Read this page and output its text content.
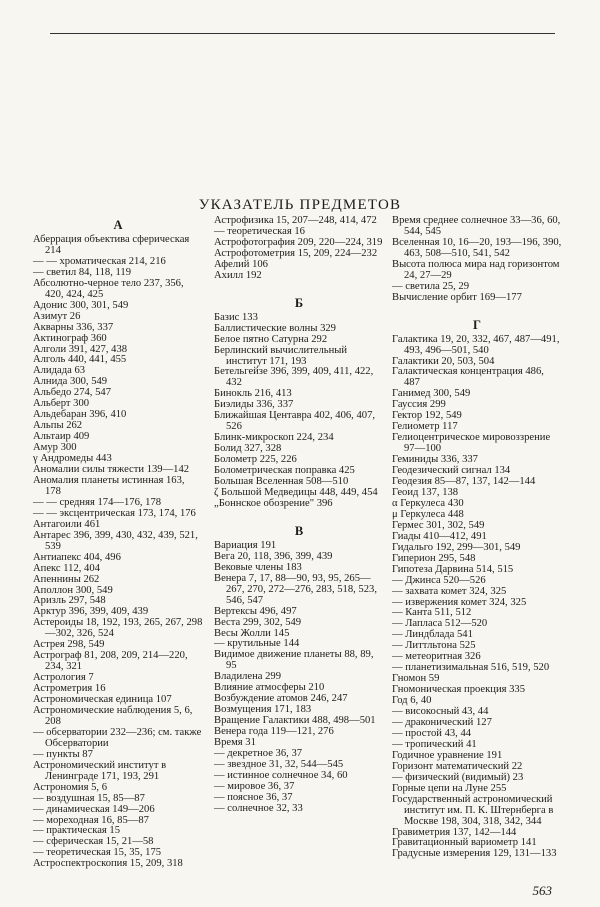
УКАЗАТЕЛЬ ПРЕДМЕТОВ
А
Аберрация объектива сферическая 214
— — хроматическая 214, 216
— светил 84, 118, 119
Абсолютно-черное тело 237, 356, 420, 424, 425
Адонис 300, 301, 549
Азимут 26
Акварны 336, 337
Актинограф 360
Алголи 391, 427, 438
Алголь 440, 441, 455
Алидада 63
Алнида 300, 549
Альбедо 274, 547
Альберт 300
Альдебаран 396, 410
Альпы 262
Альтаир 409
Амур 300
γ Андромеды 443
Аномалии силы тяжести 139—142
Аномалия планеты истинная 163, 178
— — средняя 174—176, 178
— — эксцентрическая 173, 174, 176
Антагоили 461
Антарес 396, 399, 430, 432, 439, 521, 539
Антиапекс 404, 496
Апекс 112, 404
Апеннины 262
Аполлон 300, 549
Аризль 297, 548
Арктур 396, 399, 409, 439
Астероиды 18, 192, 193, 265, 267, 298—302, 326, 524
Астрея 298, 549
Астрограф 81, 208, 209, 214—220, 234, 321
Астрология 7
Астрометрия 16
Астрономическая единица 107
Астрономические наблюдения 5, 6, 208
— обсерватории 232—236; см. также Обсерватории
— пункты 87
Астрономический институт в Ленинграде 171, 193, 291
Астрономия 5, 6
— воздушная 15, 85—87
— динамическая 149—206
— мореходная 16, 85—87
— практическая 15
— сферическая 15, 21—58
— теоретическая 15, 35, 175
Астроспектроскопия 15, 209, 318
Астрофизика 15, 207—248, 414, 472
— теоретическая 16
Астрофотография 209, 220—224, 319
Астрофотометрия 15, 209, 224—232
Афелий 106
Ахилл 192
Б
Базис 133
Баллистические волны 329
Белое пятно Сатурна 292
Берлинский вычислительный институт 171, 193
Бетельгейзе 396, 399, 409, 411, 422, 432
Бинокль 216, 413
Биэлиды 336, 337
Ближайшая Центавра 402, 406, 407, 526
Блинк-микроскоп 224, 234
Болид 327, 328
Болометр 225, 226
Болометрическая поправка 425
Большая Вселенная 508—510
ζ Большой Медведицы 448, 449, 454
„Боннское обозрение" 396
В
Вариация 191
Вега 20, 118, 396, 399, 439
Вековые члены 183
Венера 7, 17, 88—90, 93, 95, 265—267, 270, 272—276, 283, 518, 523, 546, 547
Вертексы 496, 497
Веста 299, 302, 549
Весы Жолли 145
— крутильные 144
Видимое движение планеты 88, 89, 95
Владилена 299
Влияние атмосферы 210
Возбуждение атомов 246, 247
Возмущения 171, 183
Вращение Галактики 488, 498—501
Венера года 119—121, 276
Время 31
— декретное 36, 37
— звездное 31, 32, 544—545
— истинное солнечное 34, 60
— мировое 36, 37
— поясное 36, 37
— солнечное 32, 33
Время среднее солнечное 33—36, 60, 544, 545
Вселенная 10, 16—20, 193—196, 390, 463, 508—510, 541, 542
Высота полюса мира над горизонтом 24, 27—29
— светила 25, 29
Вычисление орбит 169—177
Г
Галактика 19, 20, 332, 467, 487—491, 493, 496—501, 540
Галактики 20, 503, 504
Галактическая концентрация 486, 487
Ганимед 300, 549
Гауссия 299
Гектор 192, 549
Гелиометр 117
Гелиоцентрическое мировоззрение 97—100
Геминиды 336, 337
Геодезический сигнал 134
Геодезия 85—87, 137, 142—144
Геоид 137, 138
α Геркулеса 430
μ Геркулеса 448
Гермес 301, 302, 549
Гиады 410—412, 491
Гидальго 192, 299—301, 549
Гиперион 295, 548
Гипотеза Дарвина 514, 515
— Джинса 520—526
— захвата комет 324, 325
— извержения комет 324, 325
— Канта 511, 512
— Лапласа 512—520
— Линдблада 541
— Литтльтона 525
— метеоритная 326
— планетизимальная 516, 519, 520
Гномон 59
Гномоническая проекция 335
Год 6, 40
— високосный 43, 44
— драконический 127
— простой 43, 44
— тропический 41
Годичное уравнение 191
Горизонт математический 22
— физический (видимый) 23
Горные цепи на Луне 255
Государственный астрономический институт им. П. К. Штернберга в Москве 198, 304, 318, 342, 344
Гравиметрия 137, 142—144
Гравитационный вариометр 141
Градусные измерения 129, 131—133
563
